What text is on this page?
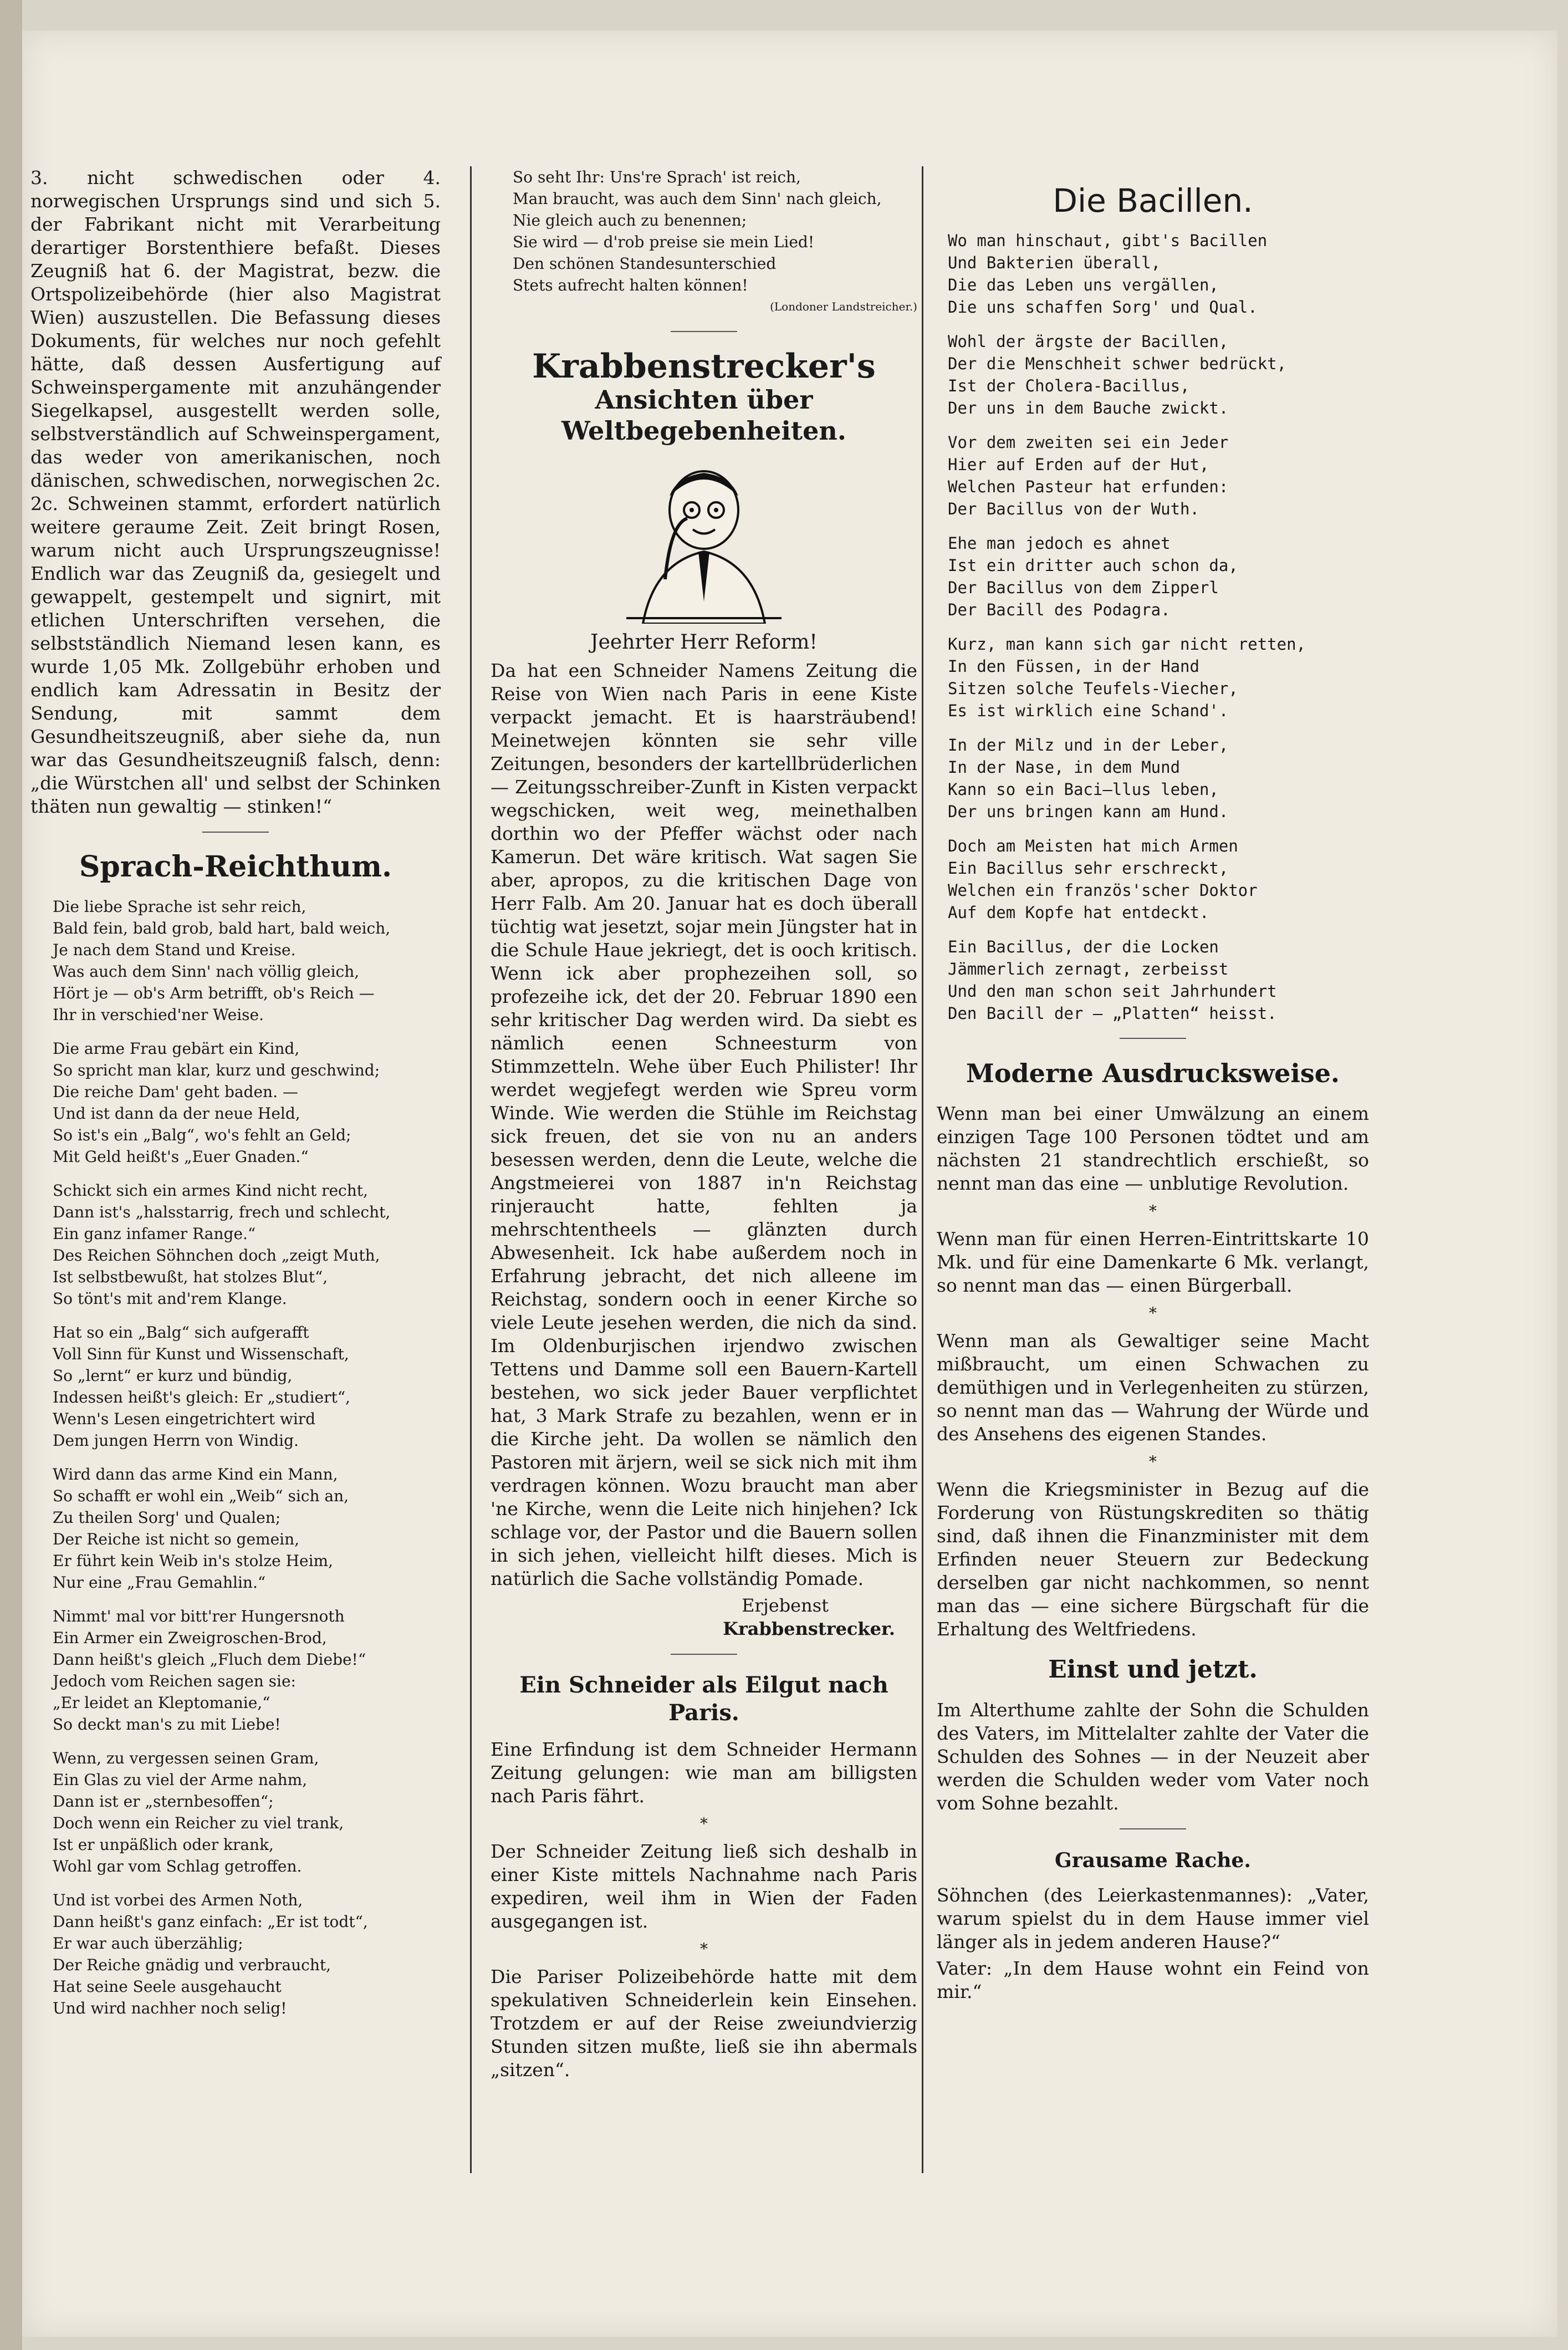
3. nicht schwedischen oder 4. norwegischen Ursprungs sind und sich 5. der Fabrikant nicht mit Verarbeitung derartiger Borstenthiere befaßt. Dieses Zeugniß hat 6. der Magistrat, bezw. die Ortspolizeibehörde (hier also Magistrat Wien) auszustellen. Die Befassung dieses Dokuments, für welches nur noch gefehlt hätte, daß dessen Ausfertigung auf Schweinspergamente mit anzuhängender Siegelkapsel, ausgestellt werden solle, selbstverständlich auf Schweinspergament, das weder von amerikanischen, noch dänischen, schwedischen, norwegischen 2c. 2c. Schweinen stammt, erfordert natürlich weitere geraume Zeit. Zeit bringt Rosen, warum nicht auch Ursprungszeugnisse! Endlich war das Zeugniß da, gesiegelt und gewappelt, gestempelt und signirt, mit etlichen Unterschriften versehen, die selbstständlich Niemand lesen kann, es wurde 1,05 Mk. Zollgebühr erhoben und endlich kam Adressatin in Besitz der Sendung, mit sammt dem Gesundheitszeugniß, aber siehe da, nun war das Gesundheitszeugniß falsch, denn: „die Würstchen all' und selbst der Schinken thäten nun gewaltig — stinken!“

Sprach-Reichthum.

Die liebe Sprache ist sehr reich,

Bald fein, bald grob, bald hart, bald weich,

Je nach dem Stand und Kreise.

Was auch dem Sinn' nach völlig gleich,

Hört je — ob's Arm betrifft, ob's Reich —

Ihr in verschied'ner Weise.

Die arme Frau gebärt ein Kind,

So spricht man klar, kurz und geschwind;

Die reiche Dam' geht baden. —

Und ist dann da der neue Held,

So ist's ein „Balg“, wo's fehlt an Geld;

Mit Geld heißt's „Euer Gnaden.“

Schickt sich ein armes Kind nicht recht,

Dann ist's „halsstarrig, frech und schlecht,

Ein ganz infamer Range.“

Des Reichen Söhnchen doch „zeigt Muth,

Ist selbstbewußt, hat stolzes Blut“,

So tönt's mit and'rem Klange.

Hat so ein „Balg“ sich aufgerafft

Voll Sinn für Kunst und Wissenschaft,

So „lernt“ er kurz und bündig,

Indessen heißt's gleich: Er „studiert“,

Wenn's Lesen eingetrichtert wird

Dem jungen Herrn von Windig.

Wird dann das arme Kind ein Mann,

So schafft er wohl ein „Weib“ sich an,

Zu theilen Sorg' und Qualen;

Der Reiche ist nicht so gemein,

Er führt kein Weib in's stolze Heim,

Nur eine „Frau Gemahlin.“

Nimmt' mal vor bitt'rer Hungersnoth

Ein Armer ein Zweigroschen-Brod,

Dann heißt's gleich „Fluch dem Diebe!“

Jedoch vom Reichen sagen sie:

„Er leidet an Kleptomanie,“

So deckt man's zu mit Liebe!

Wenn, zu vergessen seinen Gram,

Ein Glas zu viel der Arme nahm,

Dann ist er „sternbesoffen“;

Doch wenn ein Reicher zu viel trank,

Ist er unpäßlich oder krank,

Wohl gar vom Schlag getroffen.

Und ist vorbei des Armen Noth,

Dann heißt's ganz einfach: „Er ist todt“,

Er war auch überzählig;

Der Reiche gnädig und verbraucht,

Hat seine Seele ausgehaucht

Und wird nachher noch selig!

So seht Ihr: Uns're Sprach' ist reich,

Man braucht, was auch dem Sinn' nach gleich,

Nie gleich auch zu benennen;

Sie wird — d'rob preise sie mein Lied!

Den schönen Standesunterschied

Stets aufrecht halten können!

(Londoner Landstreicher.)

Krabbenstrecker's
Ansichten über Weltbegebenheiten.
Jeehrter Herr Reform!

Da hat een Schneider Namens Zeitung die Reise von Wien nach Paris in eene Kiste verpackt jemacht. Et is haarsträubend! Meinetwejen könnten sie sehr ville Zeitungen, besonders der kartellbrüderlichen — Zeitungsschreiber-Zunft in Kisten verpackt wegschicken, weit weg, meinethalben dorthin wo der Pfeffer wächst oder nach Kamerun. Det wäre kritisch. Wat sagen Sie aber, apropos, zu die kritischen Dage von Herr Falb. Am 20. Januar hat es doch überall tüchtig wat jesetzt, sojar mein Jüngster hat in die Schule Haue jekriegt, det is ooch kritisch. Wenn ick aber prophezeihen soll, so profezeihe ick, det der 20. Februar 1890 een sehr kritischer Dag werden wird. Da siebt es nämlich eenen Schneesturm von Stimmzetteln. Wehe über Euch Philister! Ihr werdet wegjefegt werden wie Spreu vorm Winde. Wie werden die Stühle im Reichstag sick freuen, det sie von nu an anders besessen werden, denn die Leute, welche die Angstmeierei von 1887 in'n Reichstag rinjeraucht hatte, fehlten ja mehrschtentheels — glänzten durch Abwesenheit. Ick habe außerdem noch in Erfahrung jebracht, det nich alleene im Reichstag, sondern ooch in eener Kirche so viele Leute jesehen werden, die nich da sind. Im Oldenburjischen irjendwo zwischen Tettens und Damme soll een Bauern-Kartell bestehen, wo sick jeder Bauer verpflichtet hat, 3 Mark Strafe zu bezahlen, wenn er in die Kirche jeht. Da wollen se nämlich den Pastoren mit ärjern, weil se sick nich mit ihm verdragen können. Wozu braucht man aber 'ne Kirche, wenn die Leite nich hinjehen? Ick schlage vor, der Pastor und die Bauern sollen in sich jehen, vielleicht hilft dieses. Mich is natürlich die Sache vollständig Pomade.

Erjebenst
Krabbenstrecker.
Ein Schneider als Eilgut nach Paris.

Eine Erfindung ist dem Schneider Hermann Zeitung gelungen: wie man am billigsten nach Paris fährt.

*

Der Schneider Zeitung ließ sich deshalb in einer Kiste mittels Nachnahme nach Paris expediren, weil ihm in Wien der Faden ausgegangen ist.

*

Die Pariser Polizeibehörde hatte mit dem spekulativen Schneiderlein kein Einsehen. Trotzdem er auf der Reise zweiundvierzig Stunden sitzen mußte, ließ sie ihn abermals „sitzen“.

Die Bacillen.

Wo man hinschaut, gibt's Bacillen

Und Bakterien überall,

Die das Leben uns vergällen,

Die uns schaffen Sorg' und Qual.

Wohl der ärgste der Bacillen,

Der die Menschheit schwer bedrückt,

Ist der Cholera-Bacillus,

Der uns in dem Bauche zwickt.

Vor dem zweiten sei ein Jeder

Hier auf Erden auf der Hut,

Welchen Pasteur hat erfunden:

Der Bacillus von der Wuth.

Ehe man jedoch es ahnet

Ist ein dritter auch schon da,

Der Bacillus von dem Zipperl

Der Bacill des Podagra.

Kurz, man kann sich gar nicht retten,

In den Füssen, in der Hand

Sitzen solche Teufels-Viecher,

Es ist wirklich eine Schand'.

In der Milz und in der Leber,

In der Nase, in dem Mund

Kann so ein Baci—llus leben,

Der uns bringen kann am Hund.

Doch am Meisten hat mich Armen

Ein Bacillus sehr erschreckt,

Welchen ein französ'scher Doktor

Auf dem Kopfe hat entdeckt.

Ein Bacillus, der die Locken

Jämmerlich zernagt, zerbeisst

Und den man schon seit Jahrhundert

Den Bacill der — „Platten“ heisst.

Moderne Ausdrucksweise.

Wenn man bei einer Umwälzung an einem einzigen Tage 100 Personen tödtet und am nächsten 21 standrechtlich erschießt, so nennt man das eine — unblutige Revolution.

*

Wenn man für einen Herren-Eintrittskarte 10 Mk. und für eine Damenkarte 6 Mk. verlangt, so nennt man das — einen Bürgerball.

*

Wenn man als Gewaltiger seine Macht mißbraucht, um einen Schwachen zu demüthigen und in Verlegenheiten zu stürzen, so nennt man das — Wahrung der Würde und des Ansehens des eigenen Standes.

*

Wenn die Kriegsminister in Bezug auf die Forderung von Rüstungskrediten so thätig sind, daß ihnen die Finanzminister mit dem Erfinden neuer Steuern zur Bedeckung derselben gar nicht nachkommen, so nennt man das — eine sichere Bürgschaft für die Erhaltung des Weltfriedens.

Einst und jetzt.

Im Alterthume zahlte der Sohn die Schulden des Vaters, im Mittelalter zahlte der Vater die Schulden des Sohnes — in der Neuzeit aber werden die Schulden weder vom Vater noch vom Sohne bezahlt.

Grausame Rache.

Söhnchen (des Leierkastenmannes): „Vater, warum spielst du in dem Hause immer viel länger als in jedem anderen Hause?“

Vater: „In dem Hause wohnt ein Feind von mir.“
